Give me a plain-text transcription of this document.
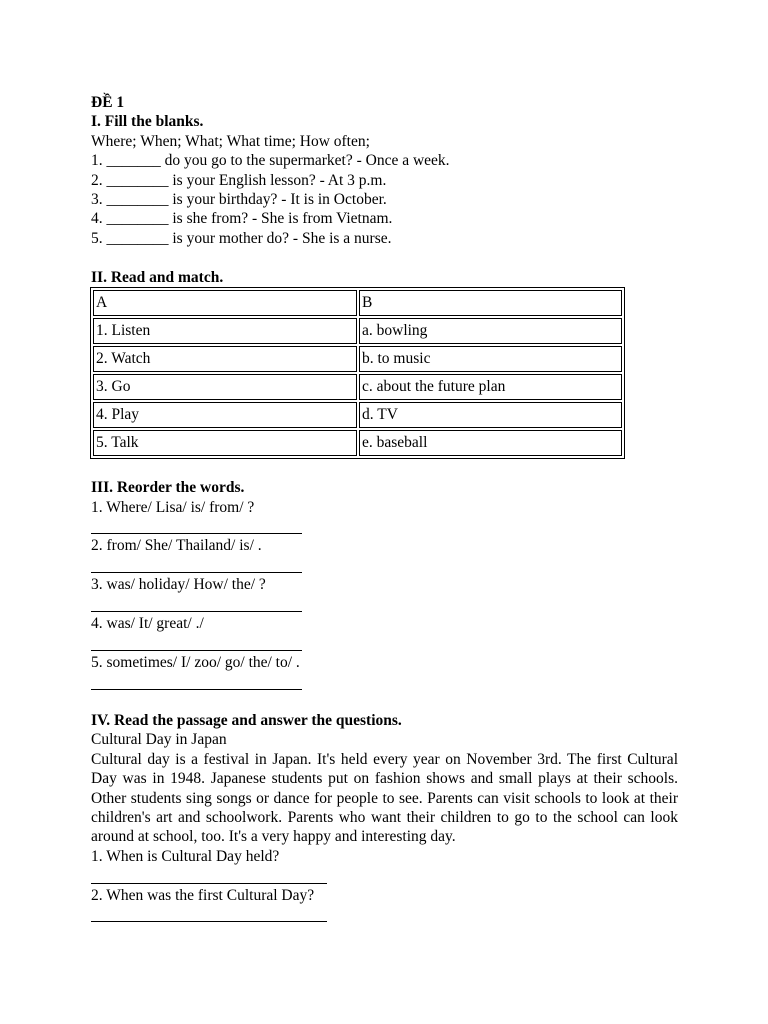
ĐỀ 1
I. Fill the blanks.
Where; When; What; What time; How often;
1. _______ do you go to the supermarket? - Once a week.
2. ________ is your English lesson? - At 3 p.m.
3. ________ is your birthday? - It is in October.
4. ________ is she from? - She is from Vietnam.
5. ________ is your mother do? - She is a nurse.
II. Read and match.
A	B
1. Listen	a. bowling
2. Watch	b. to music
3. Go	c. about the future plan
4. Play	d. TV
5. Talk	e. baseball
III. Reorder the words.
1. Where/ Lisa/ is/ from/ ?
2. from/ She/ Thailand/ is/ .
3. was/ holiday/ How/ the/ ?
4. was/ It/ great/ ./
5. sometimes/ I/ zoo/ go/ the/ to/ .
IV. Read the passage and answer the questions.
Cultural Day in Japan
Cultural day is a festival in Japan. It's held every year on November 3rd. The first Cultural Day was in 1948. Japanese students put on fashion shows and small plays at their schools. Other students sing songs or dance for people to see. Parents can visit schools to look at their children's art and schoolwork. Parents who want their children to go to the school can look around at school, too. It's a very happy and interesting day.
1. When is Cultural Day held?
2. When was the first Cultural Day?
